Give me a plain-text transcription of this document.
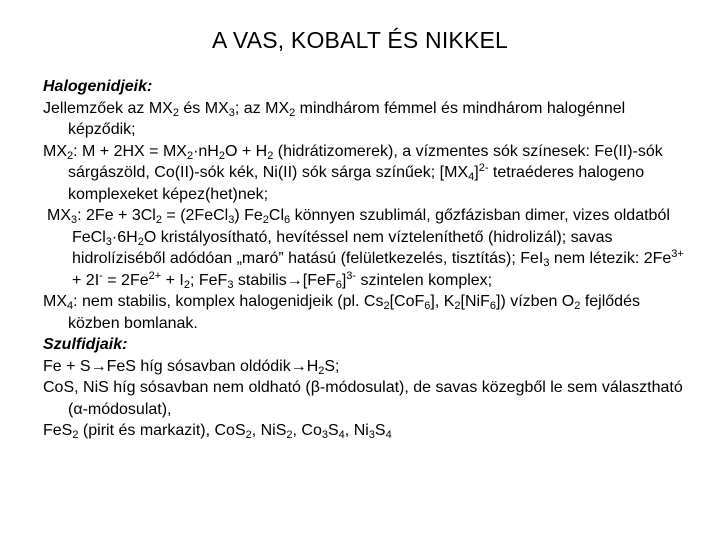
A VAS, KOBALT ÉS NIKKEL
Halogenidjeik:

Jellemzőek az $MX_2$ és $MX_3$; az $MX_2$ mindhárom fémmel és mindhárom halogénnel képződik;

$MX_2$: $M + 2HX = MX_2\cdot nH_2O + H_2$ (hidrátizomerek), a vízmentes sók színesek: Fe(II)-sók sárgászöld, Co(II)-sók kék, Ni(II) sók sárga színűek; $[MX_4]^{2-}$ tetraéderes halogeno komplexeket képez(het)nek;

$MX_3$: $2Fe + 3Cl_2$ = (2FeCl$_3$) $Fe_2Cl_6$ könnyen szublimál, gőzfázisban dimer, vizes oldatból $FeCl_3\cdot 6H_2O$ kristályosítható, hevítéssel nem vízteleníthető (hidrolizál); savas hidrolíziséből adódóan „maró” hatású (felületkezelés, tisztítás); FeI$_3$ nem létezik: $2Fe^{3+} + 2I^- = 2Fe^{2+} + I_2$; FeF$_3$ $stabilis\to[FeF_6]^{3-}$ szintelen komplex;

$MX_4$: nem stabilis, komplex halogenidjeik (pl. $Cs_2[CoF_6]$, $K_2[NiF_6]$) vízben $O_2$ fejlődés közben bomlanak.

Szulfidjaik:

Fe + S→FeS híg sósavban $oldódik\to H_2S$;

CoS, NiS híg sósavban nem oldható (β-módosulat), de savas közegből le sem választható (α-módosulat),

FeS$_2$ (pirit és markazit), CoS$_2$, NiS$_2$, $Co_3S_4$, $Ni_3S_4$
